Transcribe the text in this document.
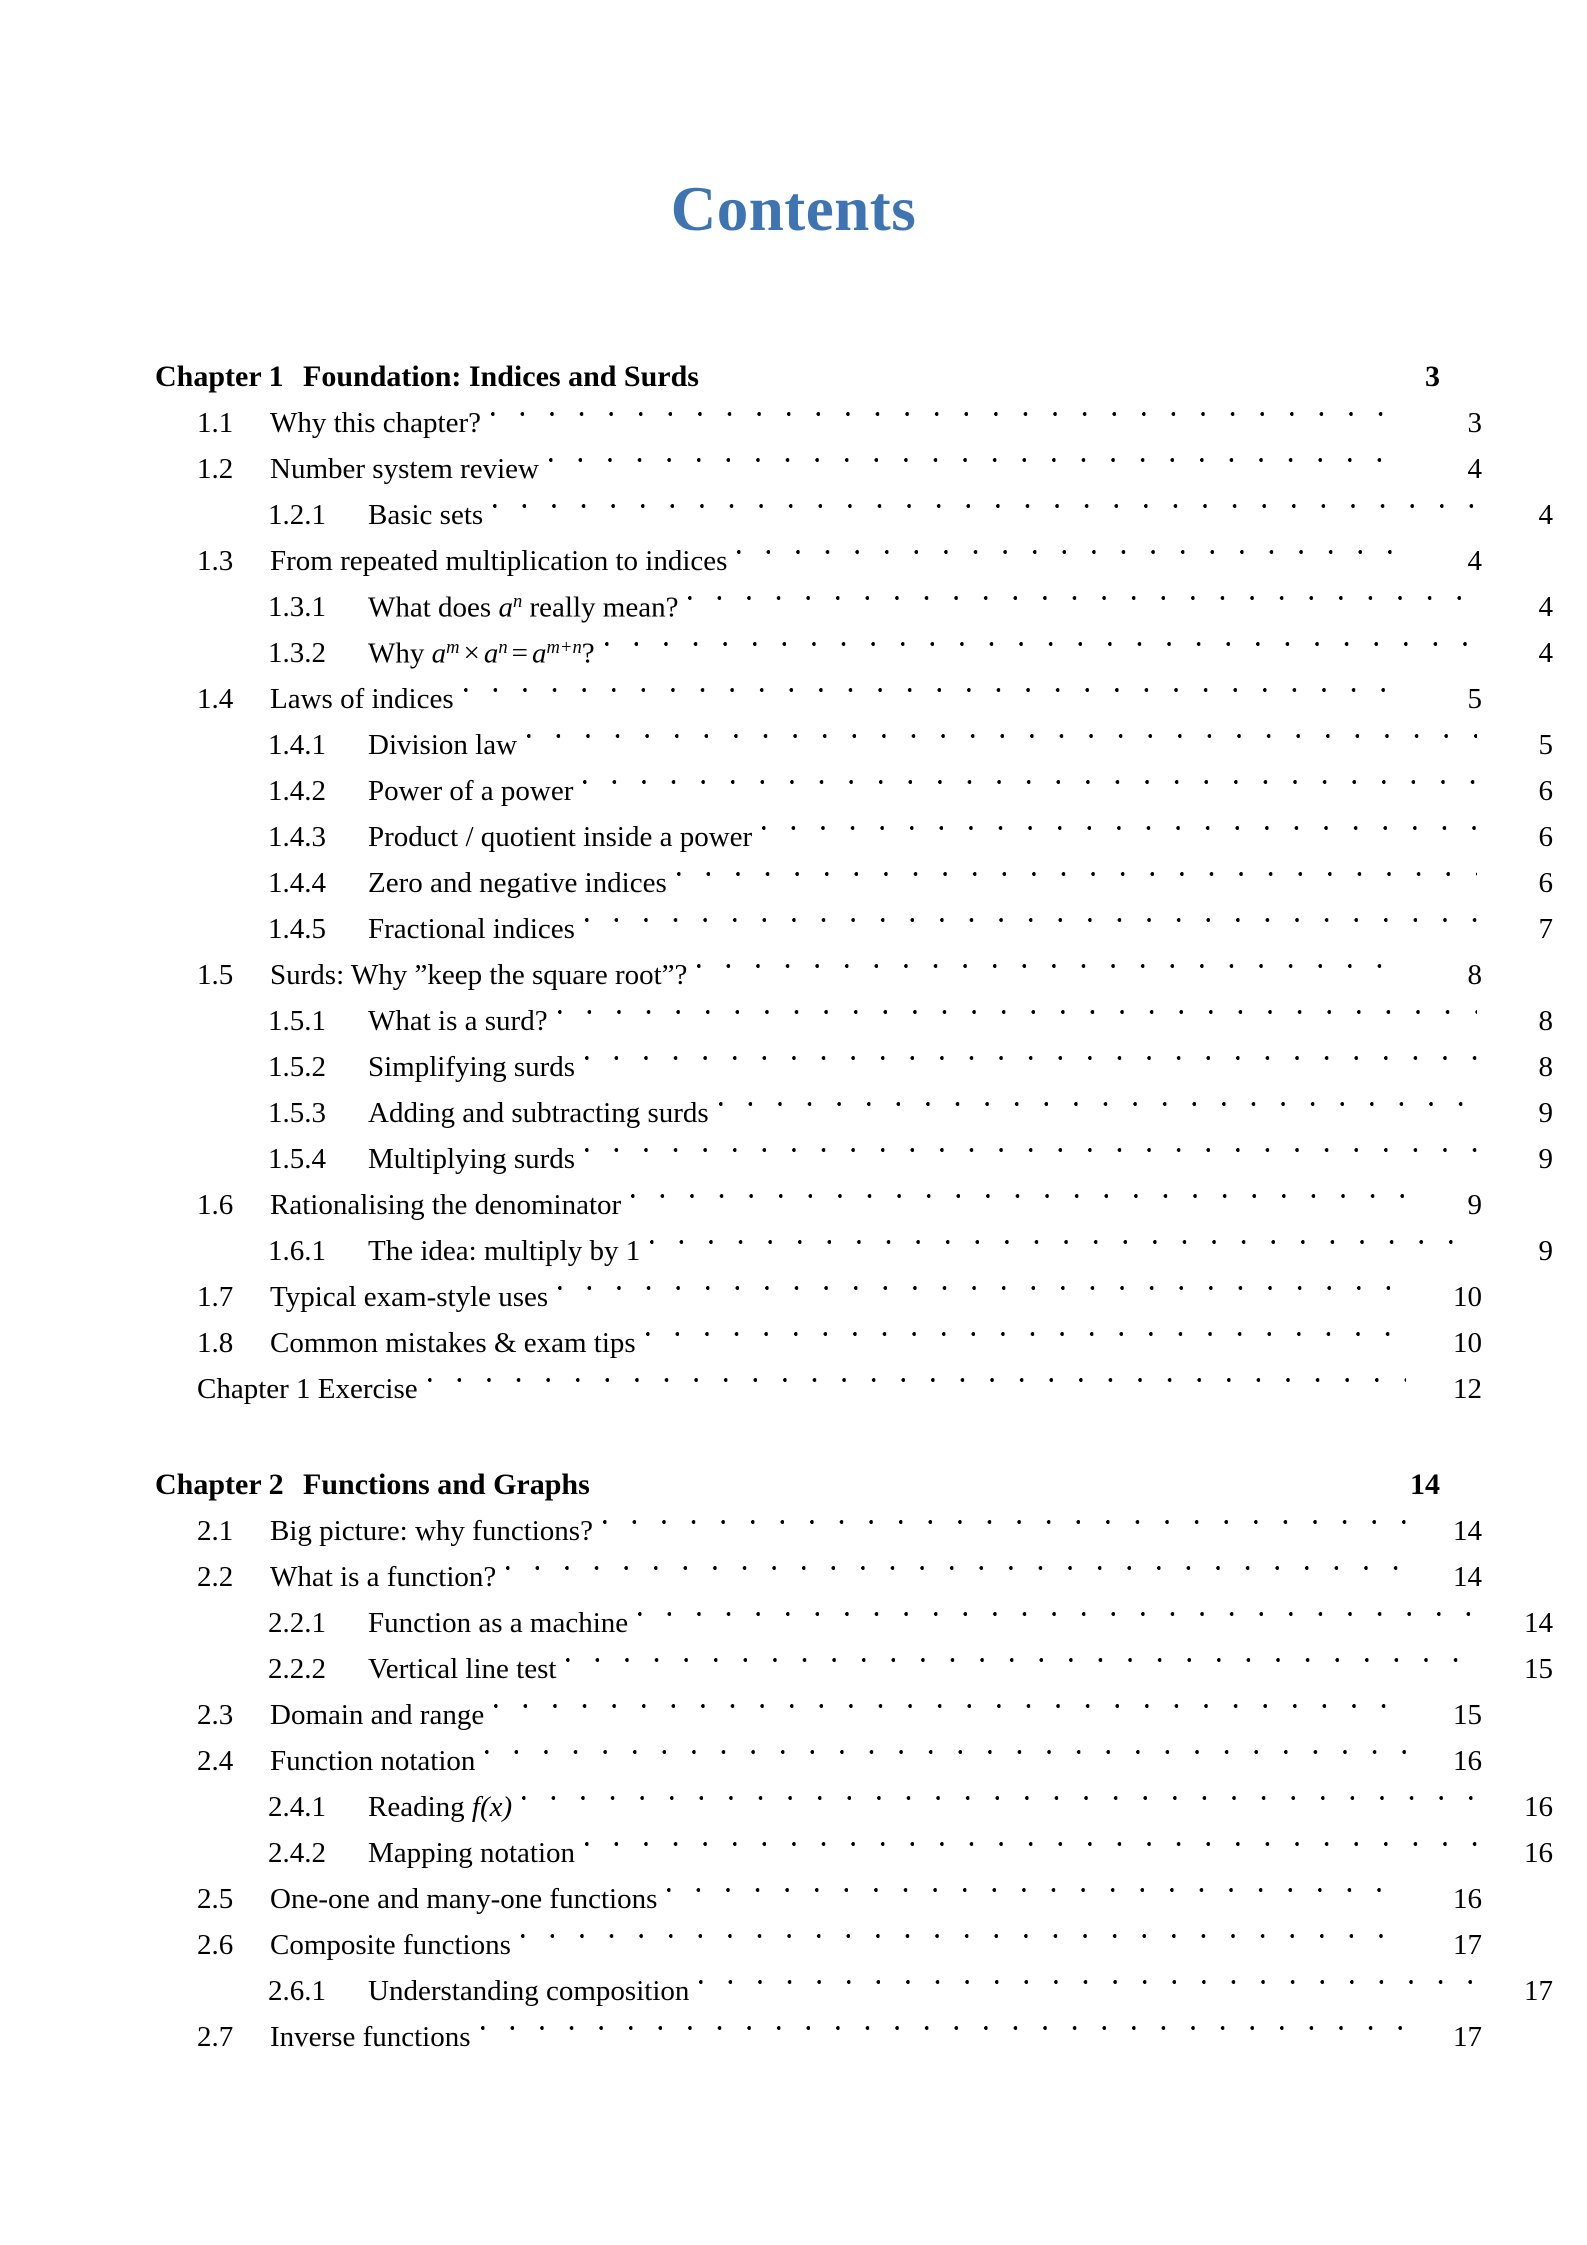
Contents
Chapter 1 Foundation: Indices and Surds	3
1.1	Why this chapter?	3
1.2	Number system review	4
1.2.1	Basic sets	4
1.3	From repeated multiplication to indices	4
1.3.1	What does $a^n$ really mean?	4
1.3.2	Why $a^m \times a^n = a^{m+n}$?	4
1.4	Laws of indices	5
1.4.1	Division law	5
1.4.2	Power of a power	6
1.4.3	Product / quotient inside a power	6
1.4.4	Zero and negative indices	6
1.4.5	Fractional indices	7
1.5	Surds: Why ”keep the square root”?	8
1.5.1	What is a surd?	8
1.5.2	Simplifying surds	8
1.5.3	Adding and subtracting surds	9
1.5.4	Multiplying surds	9
1.6	Rationalising the denominator	9
1.6.1	The idea: multiply by 1	9
1.7	Typical exam-style uses	10
1.8	Common mistakes & exam tips	10
Chapter 1 Exercise	12
Chapter 2 Functions and Graphs	14
2.1	Big picture: why functions?	14
2.2	What is a function?	14
2.2.1	Function as a machine	14
2.2.2	Vertical line test	15
2.3	Domain and range	15
2.4	Function notation	16
2.4.1	Reading f(x)	16
2.4.2	Mapping notation	16
2.5	One-one and many-one functions	16
2.6	Composite functions	17
2.6.1	Understanding composition	17
2.7	Inverse functions	17
